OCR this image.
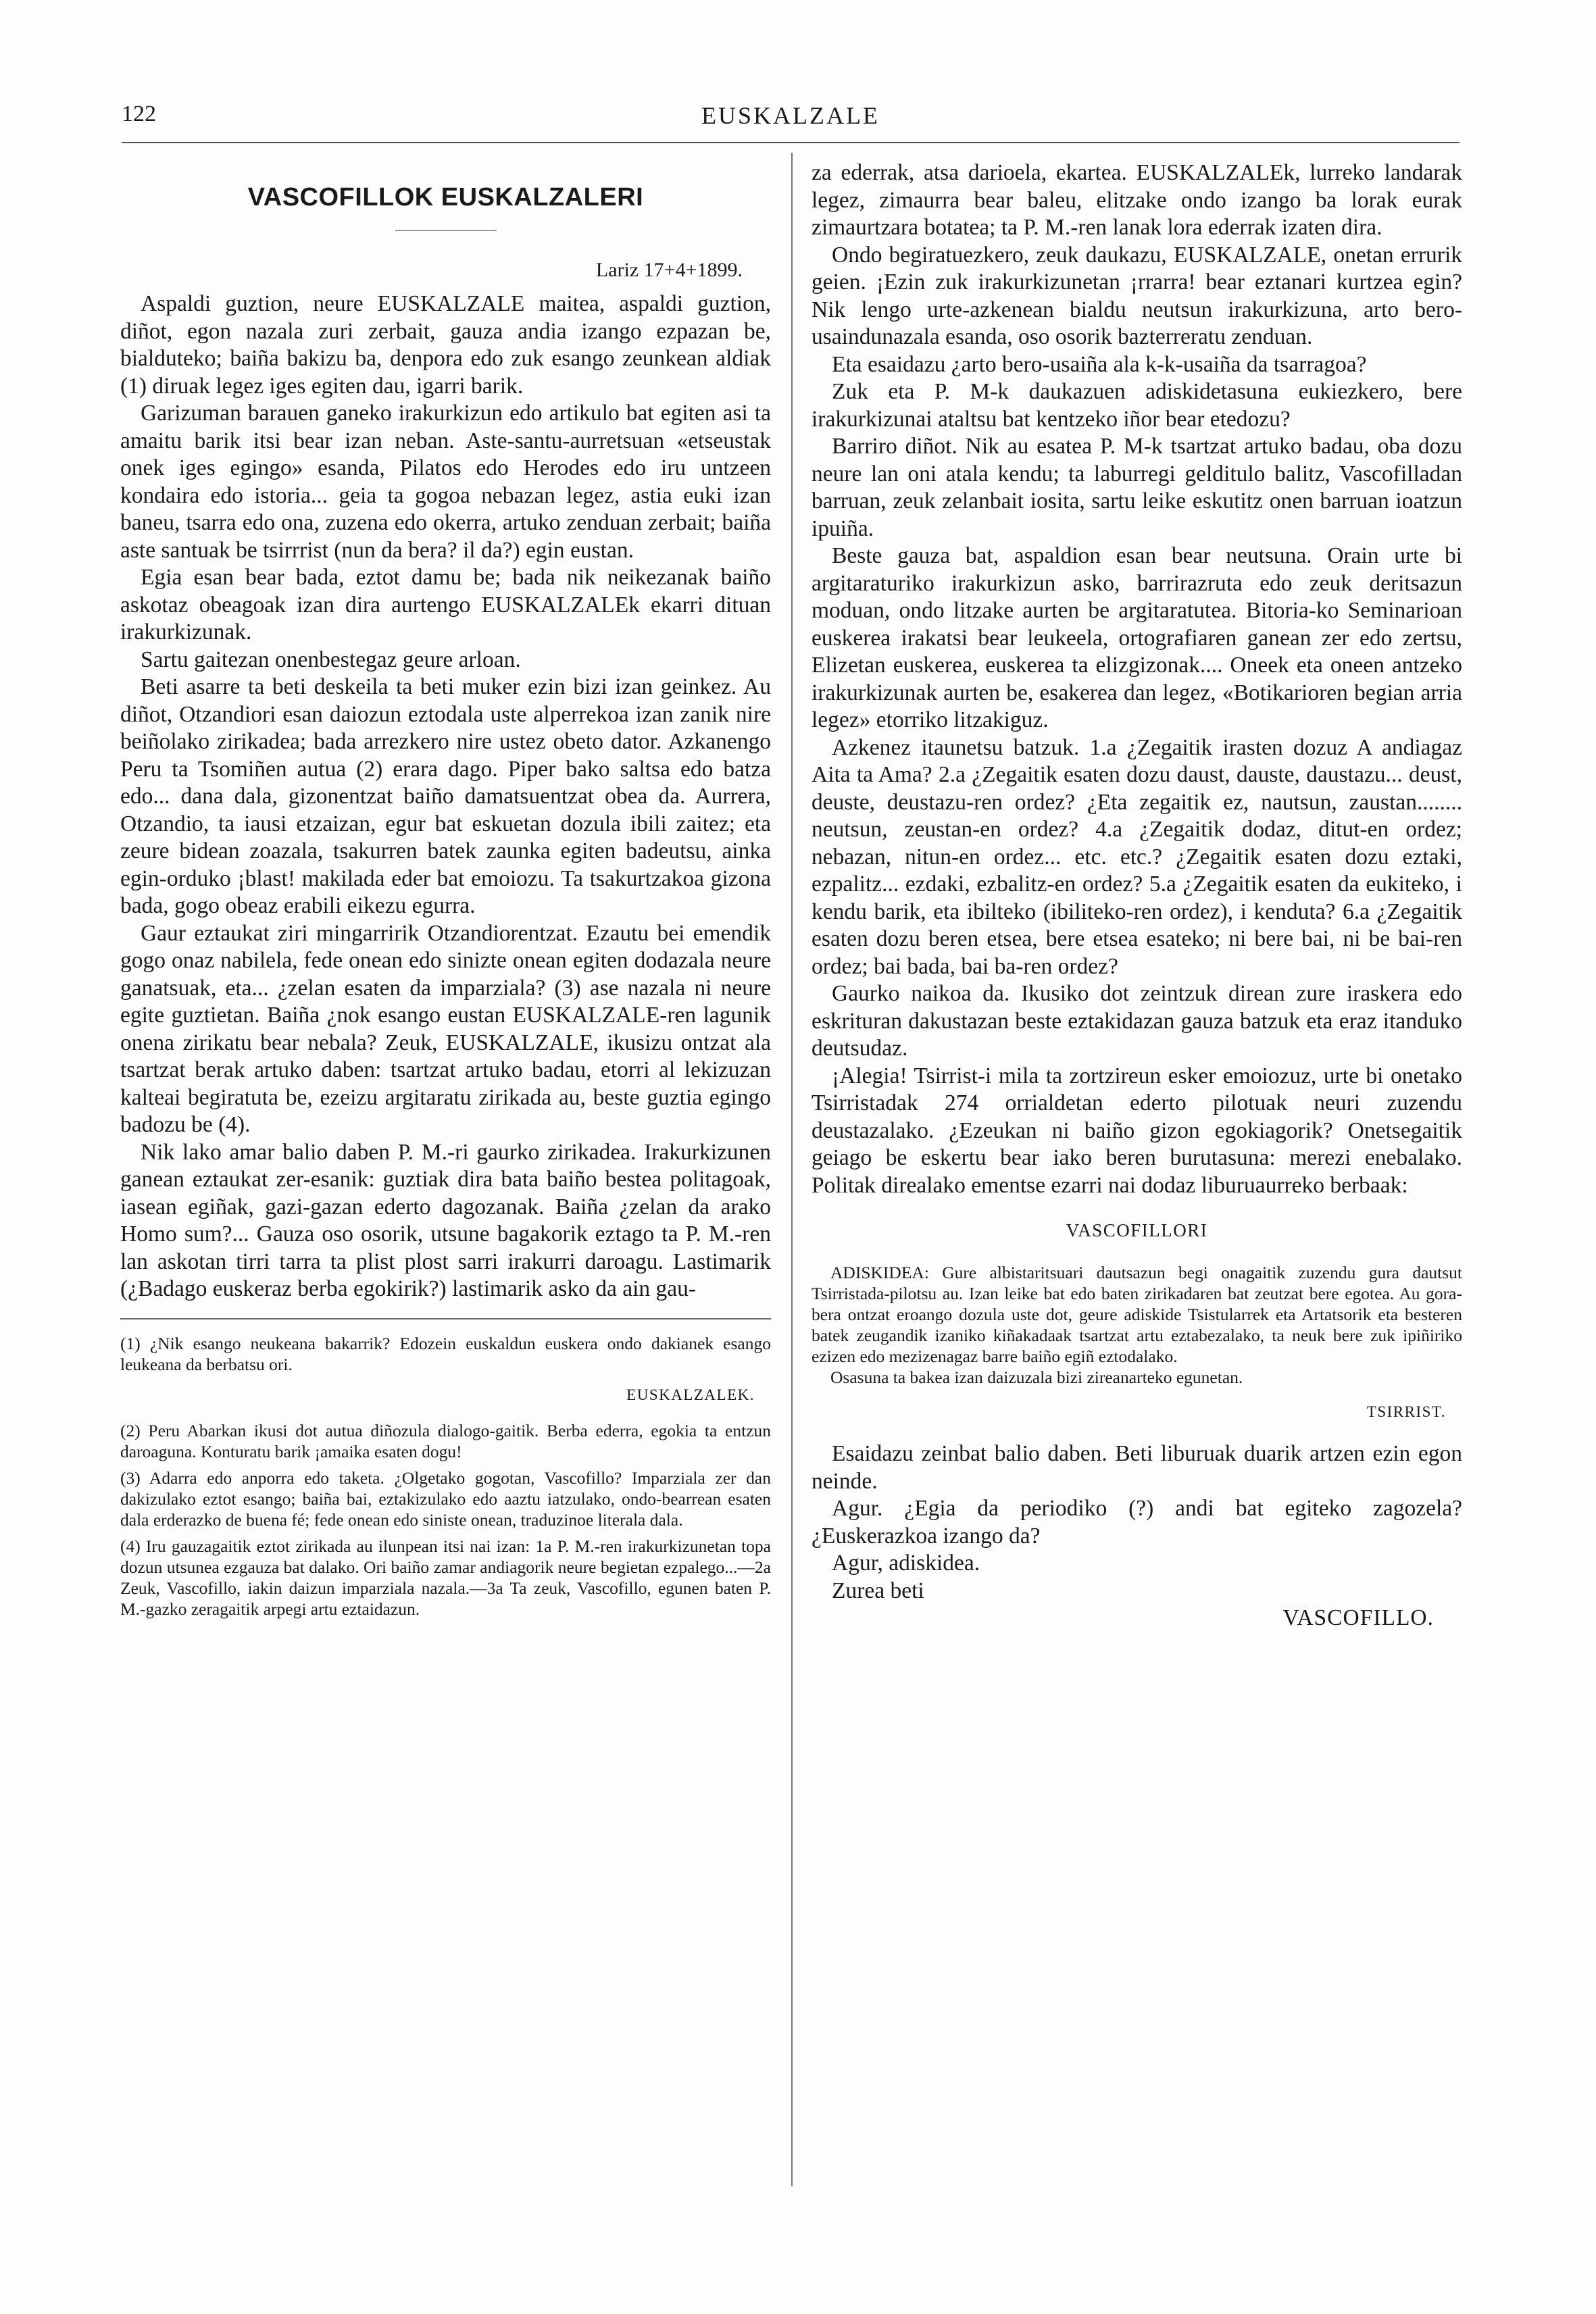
122	EUSKALZALE
VASCOFILLOK EUSKALZALERI
Lariz 17+4+1899.

Aspaldi guztion, neure EUSKALZALE maitea, aspaldi guztion, diñot, egon nazala zuri zerbait, gauza andia izango ezpazan be, bialduteko; baiña bakizu ba, denpora edo zuk esango zeunkean aldiak (1) diruak legez iges egiten dau, igarri barik.

Garizuman barauen ganeko irakurkizun edo artikulo bat egiten asi ta amaitu barik itsi bear izan neban. Aste-santu-aurretsuan «etseustak onek iges egingo» esanda, Pilatos edo Herodes edo iru untzeen kondaira edo istoria... geia ta gogoa nebazan legez, astia euki izan baneu, tsarra edo ona, zuzena edo okerra, artuko zenduan zerbait; baiña aste santuak be tsirrrist (nun da bera? il da?) egin eustan.

Egia esan bear bada, eztot damu be; bada nik neikezanak baiño askotaz obeagoak izan dira aurtengo EUSKALZALEk ekarri dituan irakurkizunak.

Sartu gaitezan onenbestegaz geure arloan.

Beti asarre ta beti deskeila ta beti muker ezin bizi izan geinkez. Au diñot, Otzandiori esan daiozun eztodala uste alperrekoa izan zanik nire beiñolako zirikadea; bada arrezkero nire ustez obeto dator. Azkanengo Peru ta Tsomiñen autua (2) erara dago. Piper bako saltsa edo batza edo... dana dala, gizonentzat baiño damatsuentzat obea da. Aurrera, Otzandio, ta iausi etzaizan, egur bat eskuetan dozula ibili zaitez; eta zeure bidean zoazala, tsakurren batek zaunka egiten badeutsu, ainka egin-orduko ¡blast! makilada eder bat emoiozu. Ta tsakurtzakoa gizona bada, gogo obeaz erabili eikezu egurra.

Gaur eztaukat ziri mingarririk Otzandiorentzat. Ezautu bei emendik gogo onaz nabilela, fede onean edo sinizte onean egiten dodazala neure ganatsuak, eta... ¿zelan esaten da imparziala? (3) ase nazala ni neure egite guztietan. Baiña ¿nok esango eustan EUSKALZALE-ren lagunik onena zirikatu bear nebala? Zeuk, EUSKALZALE, ikusizu ontzat ala tsartzat berak artuko daben: tsartzat artuko badau, etorri al lekizuzan kalteai begiratuta be, ezeizu argitaratu zirikada au, beste guztia egingo badozu be (4).

Nik lako amar balio daben P. M.-ri gaurko zirikadea. Irakurkizunen ganean eztaukat zer-esanik: guztiak dira bata baiño bestea politagoak, iasean egiñak, gazi-gazan ederto dagozanak. Baiña ¿zelan da arako Homo sum?... Gauza oso osorik, utsune bagakorik eztago ta P. M.-ren lan askotan tirri tarra ta plist plost sarri irakurri daroagu. Lastimarik (¿Badago euskeraz berba egokirik?) lastimarik asko da ain gau-

(1) ¿Nik esango neukeana bakarrik? Edozein euskaldun euskera ondo dakianek esango leukeana da berbatsu ori.

EUSKALZALEK.

(2) Peru Abarkan ikusi dot autua diñozula dialogo-gaitik. Berba ederra, egokia ta entzun daroaguna. Konturatu barik ¡amaika esaten dogu!

(3) Adarra edo anporra edo taketa. ¿Olgetako gogotan, Vascofillo? Imparziala zer dan dakizulako eztot esango; baiña bai, eztakizulako edo aaztu iatzulako, ondo-bearrean esaten dala erderazko de buena fé; fede onean edo siniste onean, traduzinoe literala dala.

(4) Iru gauzagaitik eztot zirikada au ilunpean itsi nai izan: 1a P. M.-ren irakurkizunetan topa dozun utsunea ezgauza bat dalako. Ori baiño zamar andiagorik neure begietan ezpalego...—2a Zeuk, Vascofillo, iakin daizun imparziala nazala.—3a Ta zeuk, Vascofillo, egunen baten P. M.-gazko zeragaitik arpegi artu eztaidazun.

za ederrak, atsa darioela, ekartea. EUSKALZALEk, lurreko landarak legez, zimaurra bear baleu, elitzake ondo izango ba lorak eurak zimaurtzara botatea; ta P. M.-ren lanak lora ederrak izaten dira.

Ondo begiratuezkero, zeuk daukazu, EUSKALZALE, onetan errurik geien. ¡Ezin zuk irakurkizunetan ¡rrarra! bear eztanari kurtzea egin? Nik lengo urte-azkenean bialdu neutsun irakurkizuna, arto bero-usaindunazala esanda, oso osorik bazterreratu zenduan.

Eta esaidazu ¿arto bero-usaiña ala k-k-usaiña da tsarragoa?

Zuk eta P. M-k daukazuen adiskidetasuna eukiezkero, bere irakurkizunai ataltsu bat kentzeko iñor bear etedozu?

Barriro diñot. Nik au esatea P. M-k tsartzat artuko badau, oba dozu neure lan oni atala kendu; ta laburregi gelditulo balitz, Vascofilladan barruan, zeuk zelanbait iosita, sartu leike eskutitz onen barruan ioatzun ipuiña.

Beste gauza bat, aspaldion esan bear neutsuna. Orain urte bi argitaraturiko irakurkizun asko, barrirazruta edo zeuk deritsazun moduan, ondo litzake aurten be argitaratutea. Bitoria-ko Seminarioan euskerea irakatsi bear leukeela, ortografiaren ganean zer edo zertsu, Elizetan euskerea, euskerea ta elizgizonak.... Oneek eta oneen antzeko irakurkizunak aurten be, esakerea dan legez, «Botikarioren begian arria legez» etorriko litzakiguz.

Azkenez itaunetsu batzuk. 1.a ¿Zegaitik irasten dozuz A andiagaz Aita ta Ama? 2.a ¿Zegaitik esaten dozu daust, dauste, daustazu... deust, deuste, deustazu-ren ordez? ¿Eta zegaitik ez, nautsun, zaustan........ neutsun, zeustan-en ordez? 4.a ¿Zegaitik dodaz, ditut-en ordez; nebazan, nitun-en ordez... etc. etc.? ¿Zegaitik esaten dozu eztaki, ezpalitz... ezdaki, ezbalitz-en ordez? 5.a ¿Zegaitik esaten da eukiteko, i kendu barik, eta ibilteko (ibiliteko-ren ordez), i kenduta? 6.a ¿Zegaitik esaten dozu beren etsea, bere etsea esateko; ni bere bai, ni be bai-ren ordez; bai bada, bai ba-ren ordez?

Gaurko naikoa da. Ikusiko dot zeintzuk direan zure iraskera edo eskrituran dakustazan beste eztakidazan gauza batzuk eta eraz itanduko deutsudaz.

¡Alegia! Tsirrist-i mila ta zortzireun esker emoiozuz, urte bi onetako Tsirristadak 274 orrialdetan ederto pilotuak neuri zuzendu deustazalako. ¿Ezeukan ni baiño gizon egokiagorik? Onetsegaitik geiago be eskertu bear iako beren burutasuna: merezi enebalako. Politak direalako ementse ezarri nai dodaz liburuaurreko berbaak:

VASCOFILLORI

ADISKIDEA: Gure albistaritsuari dautsazun begi onagaitik zuzendu gura dautsut Tsirristada-pilotsu au. Izan leike bat edo baten zirikadaren bat zeutzat bere egotea. Au gora-bera ontzat eroango dozula uste dot, geure adiskide Tsistularrek eta Artatsorik eta besteren batek zeugandik izaniko kiñakadaak tsartzat artu eztabezalako, ta neuk bere zuk ipiñiriko ezizen edo mezizenagaz barre baiño egiñ eztodalako.

Osasuna ta bakea izan daizuzala bizi zireanarteko egunetan.

TSIRRIST.

Esaidazu zeinbat balio daben. Beti liburuak duarik artzen ezin egon neinde.

Agur. ¿Egia da periodiko (?) andi bat egiteko zagozela? ¿Euskerazkoa izango da?

Agur, adiskidea.

Zurea beti

VASCOFILLO.
